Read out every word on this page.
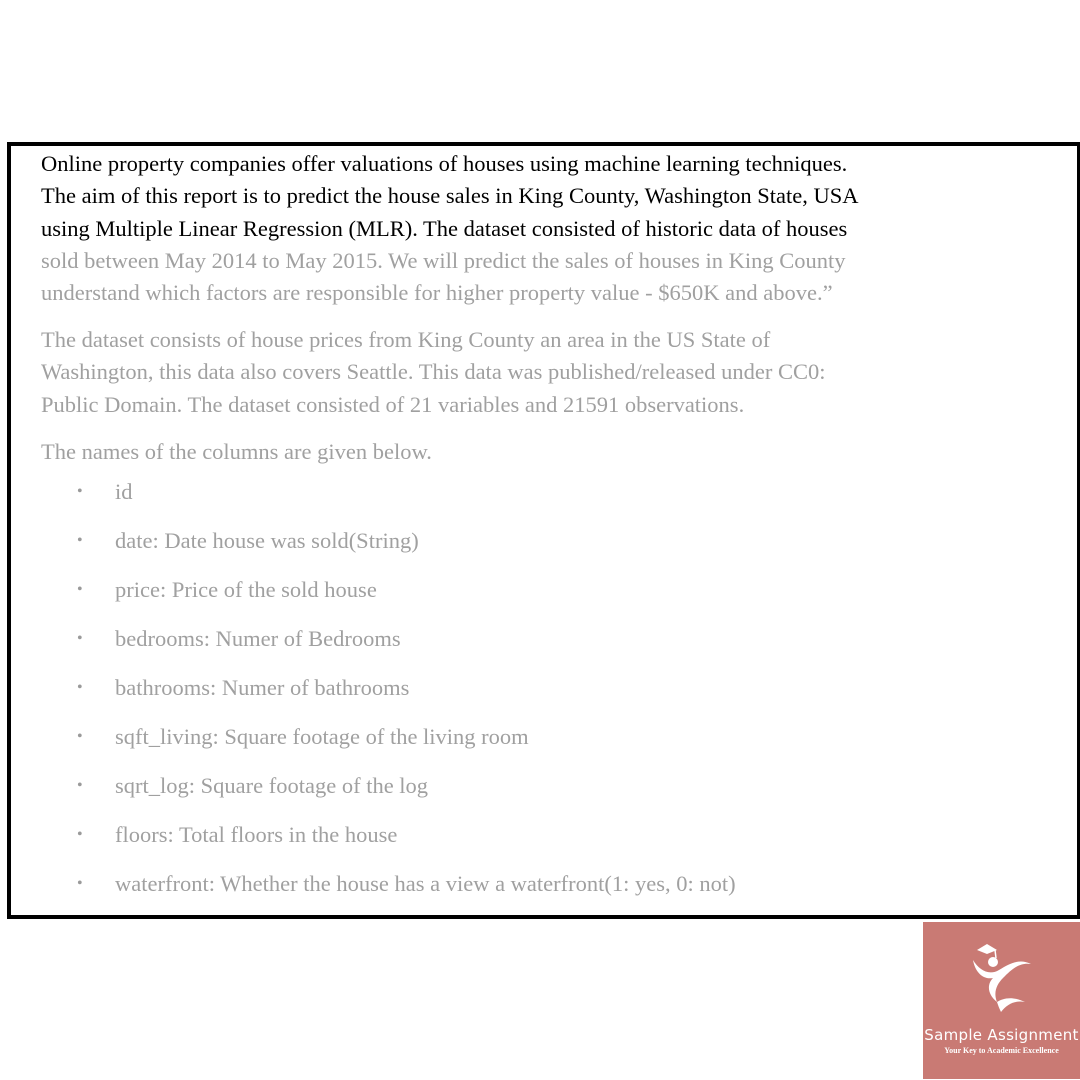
Online property companies offer valuations of houses using machine learning techniques.
The aim of this report is to predict the house sales in King County, Washington State, USA
using Multiple Linear Regression (MLR). The dataset consisted of historic data of houses
sold between May 2014 to May 2015. We will predict the sales of houses in King County
understand which factors are responsible for higher property value - $650K and above.”

The dataset consists of house prices from King County an area in the US State of
Washington, this data also covers Seattle. This data was published/released under CC0:
Public Domain. The dataset consisted of 21 variables and 21591 observations.

The names of the columns are given below.

• id
• date: Date house was sold(String)
• price: Price of the sold house
• bedrooms: Numer of Bedrooms
• bathrooms: Numer of bathrooms
• sqft_living: Square footage of the living room
• sqrt_log: Square footage of the log
• floors: Total floors in the house
• waterfront: Whether the house has a view a waterfront(1: yes, 0: not)
Sample Assignment
Your Key to Academic Excellence
